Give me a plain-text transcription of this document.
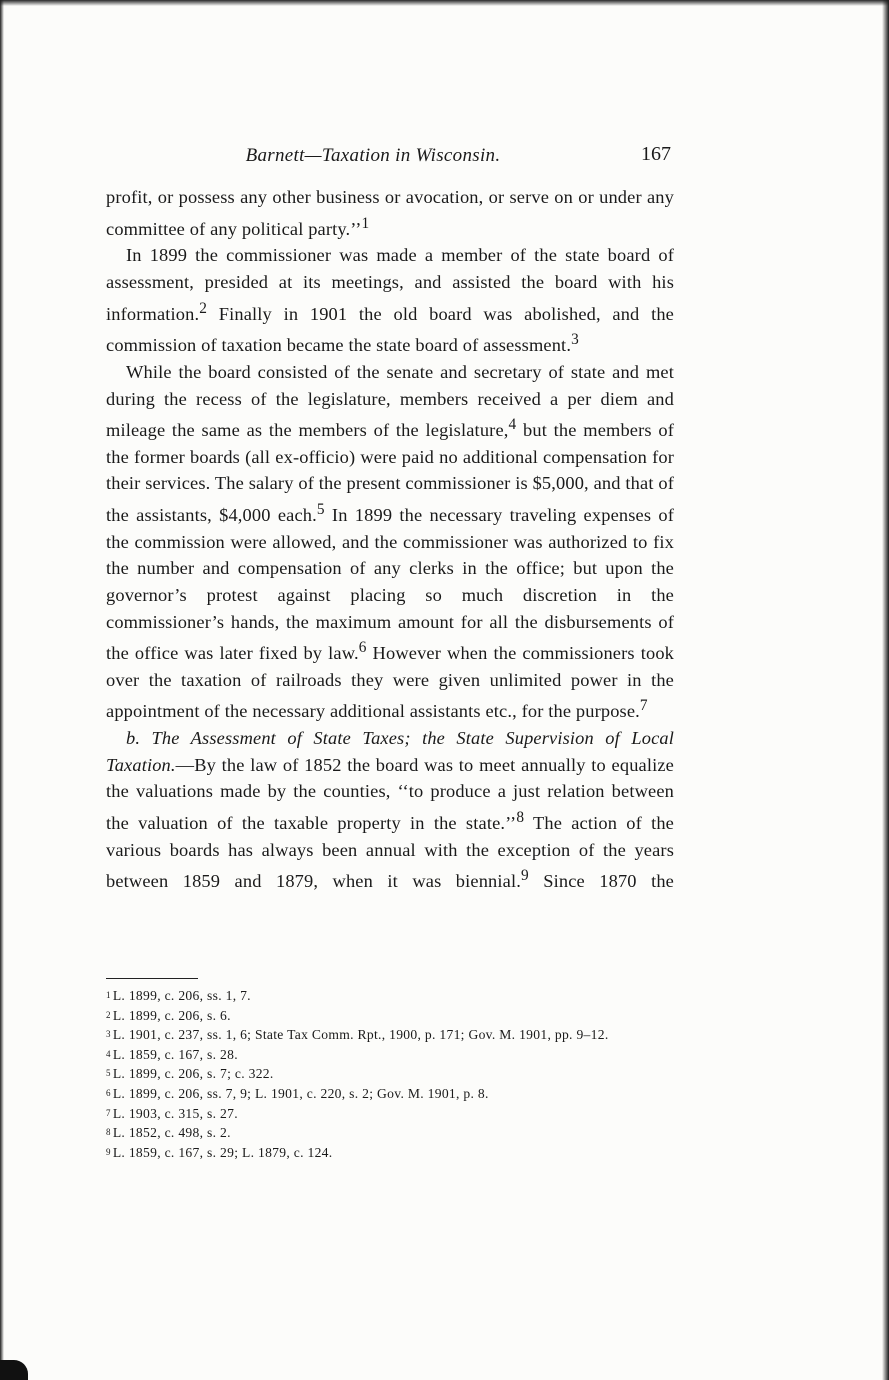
Barnett—Taxation in Wisconsin.	167

profit, or possess any other business or avocation, or serve on or under any committee of any political party.’’$^1$

In 1899 the commissioner was made a member of the state board of assessment, presided at its meetings, and assisted the board with his information.$^2$ Finally in 1901 the old board was abolished, and the commission of taxation became the state board of assessment.$^3$

While the board consisted of the senate and secretary of state and met during the recess of the legislature, members received a per diem and mileage the same as the members of the legislature,$^4$ but the members of the former boards (all ex-officio) were paid no additional compensation for their services. The salary of the present commissioner is $5,000, and that of the assistants, $4,000 each.$^5$ In 1899 the necessary traveling expenses of the commission were allowed, and the commissioner was authorized to fix the number and compensation of any clerks in the office; but upon the governor’s protest against placing so much discretion in the commissioner’s hands, the maximum amount for all the disbursements of the office was later fixed by law.$^6$ However when the commissioners took over the taxation of railroads they were given unlimited power in the appointment of the necessary additional assistants etc., for the purpose.$^7$

b. The Assessment of State Taxes; the State Supervision of Local Taxation.—By the law of 1852 the board was to meet annually to equalize the valuations made by the counties, ‘‘to produce a just relation between the valuation of the taxable property in the state.’’$^8$ The action of the various boards has always been annual with the exception of the years between 1859 and 1879, when it was biennial.$^9$ Since 1870 the

1 L. 1899, c. 206, ss. 1, 7.

2 L. 1899, c. 206, s. 6.

3 L. 1901, c. 237, ss. 1, 6; State Tax Comm. Rpt., 1900, p. 171; Gov. M. 1901, pp. 9–12.

4 L. 1859, c. 167, s. 28.

5 L. 1899, c. 206, s. 7; c. 322.

6 L. 1899, c. 206, ss. 7, 9; L. 1901, c. 220, s. 2; Gov. M. 1901, p. 8.

7 L. 1903, c. 315, s. 27.

8 L. 1852, c. 498, s. 2.

9 L. 1859, c. 167, s. 29; L. 1879, c. 124.
